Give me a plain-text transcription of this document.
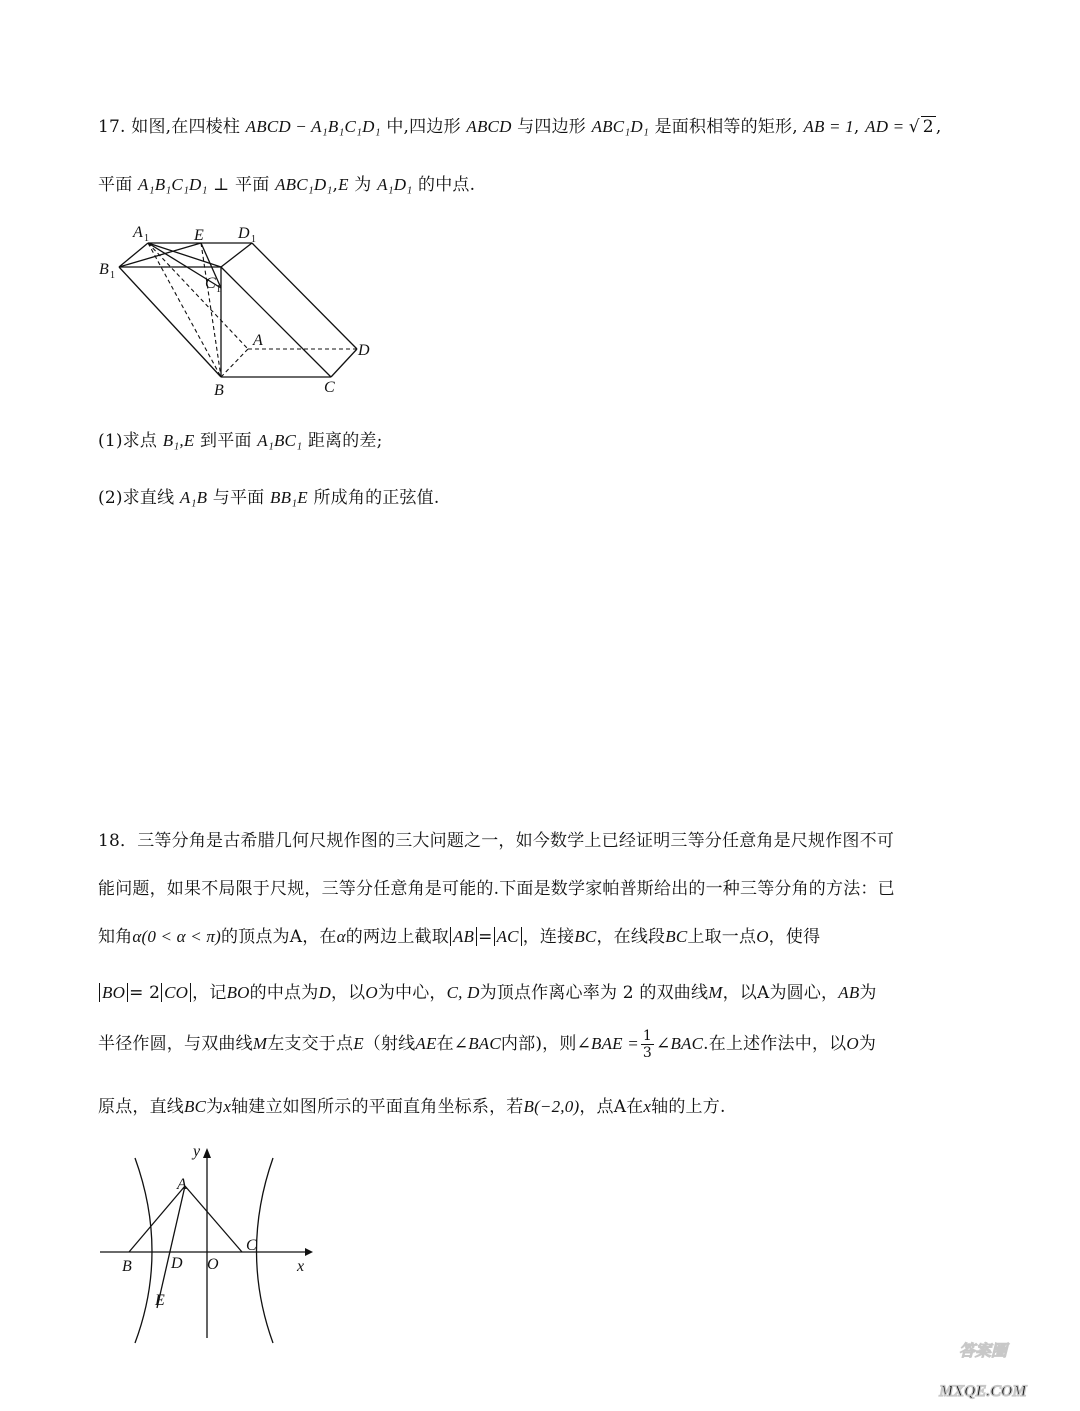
17. 如图,在四棱柱 ABCD − A₁B₁C₁D₁ 中,四边形 ABCD 与四边形 ABC₁D₁ 是面积相等的矩形, AB = 1, AD = √ 2 ,
平面 A₁B₁C₁D₁ ⊥ 平面 ABC₁D₁,E 为 A₁D₁ 的中点.
A 1	E D 1
B 1	C 1
A
D
B	C
(1)求点 B₁,E 到平面 A₁BC₁ 距离的差;
(2)求直线 A₁B 与平面 BB₁E 所成角的正弦值.
18．三等分角是古希腊几何尺规作图的三大问题之一，如今数学上已经证明三等分任意角是尺规作图不可
能问题，如果不局限于尺规，三等分任意角是可能的.下面是数学家帕普斯给出的一种三等分角的方法：已
知角α(0 < α < π)的顶点为A，在α的两边上截取 AB = AC ，连接BC，在线段BC上取一点O，使得
BO = 2 CO ，记BO的中点为D，以O为中心，C, D为顶点作离心率为 2 的双曲线M，以A为圆心，AB为
半径作圆，与双曲线M左支交于点E（射线AE在∠BAC内部)，则∠BAE = $\frac{1}{3}$ ∠BAC.在上述作法中，以O为
原点，直线BC为x轴建立如图所示的平面直角坐标系，若B(−2,0)，点A在x轴的上方.
y
A
C
B D O	x
E
答案圈
MXQE.COM
